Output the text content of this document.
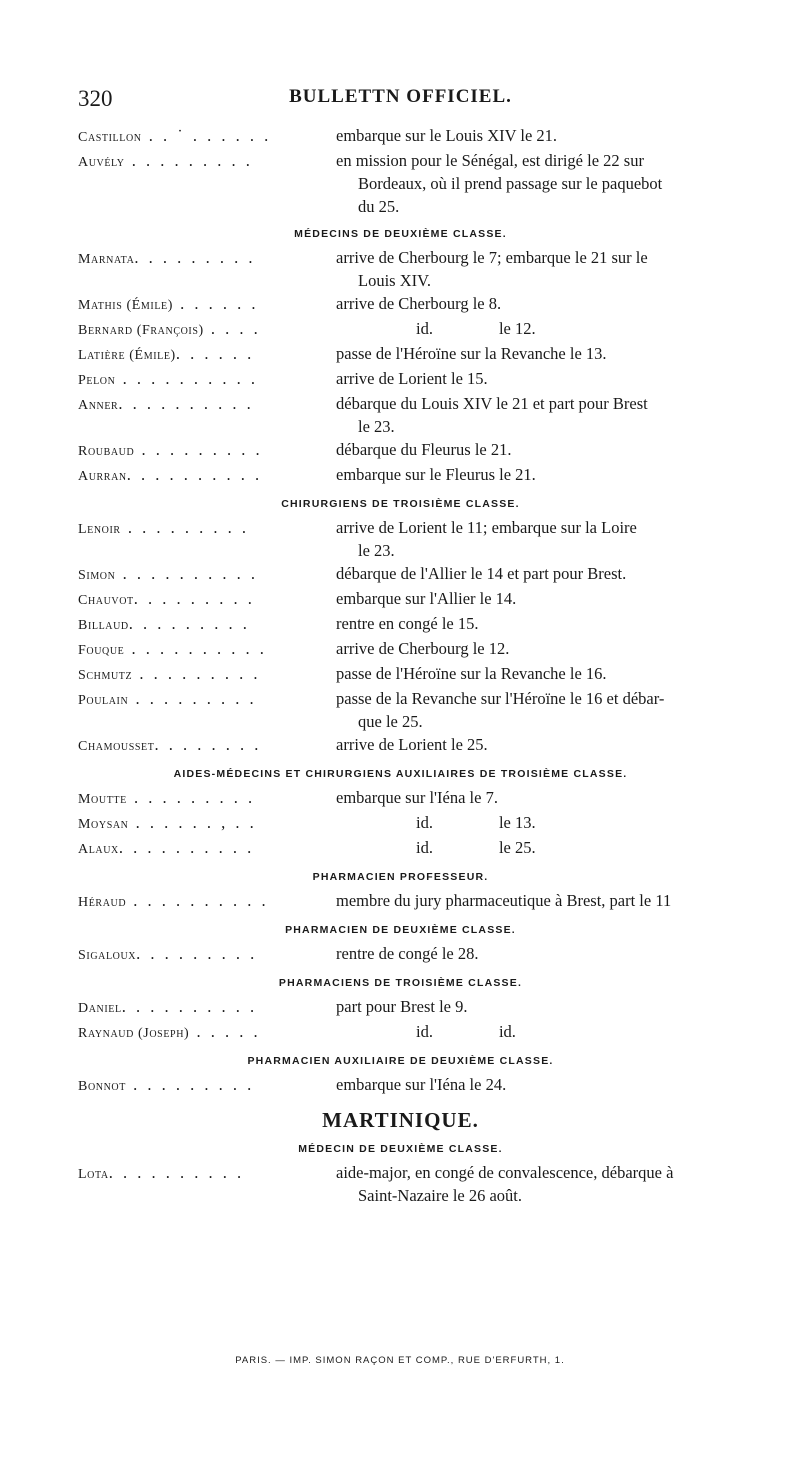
320	BULLETTN OFFICIEL.
Castillon . . ˙ . . . . . .	embarque sur le Louis XIV le 21.
Auvély . . . . . . . . .	en mission pour le Sénégal, est dirigé le 22 sur
Bordeaux, où il prend passage sur le paquebot
du 25.
MÉDECINS DE DEUXIÈME CLASSE.
Marnata. . . . . . . . .	arrive de Cherbourg le 7; embarque le 21 sur le
Louis XIV.
Mathis (Émile) . . . . . .	arrive de Cherbourg le 8.
Bernard (François) . . . .	id.	le 12.
Latière (Émile). . . . . .	passe de l'Héroïne sur la Revanche le 13.
Pelon . . . . . . . . . .	arrive de Lorient le 15.
Anner. . . . . . . . . .	débarque du Louis XIV le 21 et part pour Brest
le 23.
Roubaud . . . . . . . . .	débarque du Fleurus le 21.
Aurran. . . . . . . . . .	embarque sur le Fleurus le 21.
CHIRURGIENS DE TROISIÈME CLASSE.
Lenoir . . . . . . . . .	arrive de Lorient le 11; embarque sur la Loire
le 23.
Simon . . . . . . . . . .	débarque de l'Allier le 14 et part pour Brest.
Chauvot. . . . . . . . .	embarque sur l'Allier le 14.
Billaud. . . . . . . . .	rentre en congé le 15.
Fouque . . . . . . . . . .	arrive de Cherbourg le 12.
Schmutz . . . . . . . . .	passe de l'Héroïne sur la Revanche le 16.
Poulain . . . . . . . . .	passe de la Revanche sur l'Héroïne le 16 et débar-
que le 25.
Chamousset. . . . . . . .	arrive de Lorient le 25.
AIDES-MÉDECINS ET CHIRURGIENS AUXILIAIRES DE TROISIÈME CLASSE.
Moutte . . . . . . . . .	embarque sur l'Iéna le 7.
Moysan . . . . . . , . .	id.	le 13.
Alaux. . . . . . . . . .	id.	le 25.
PHARMACIEN PROFESSEUR.
Héraud . . . . . . . . . .	membre du jury pharmaceutique à Brest, part le 11
PHARMACIEN DE DEUXIÈME CLASSE.
Sigaloux. . . . . . . . .	rentre de congé le 28.
PHARMACIENS DE TROISIÈME CLASSE.
Daniel. . . . . . . . . .	part pour Brest le 9.
Raynaud (Joseph) . . . . .	id.	id.
PHARMACIEN AUXILIAIRE DE DEUXIÈME CLASSE.
Bonnot . . . . . . . . .	embarque sur l'Iéna le 24.
MARTINIQUE.
MÉDECIN DE DEUXIÈME CLASSE.
Lota. . . . . . . . . .	aide-major, en congé de convalescence, débarque à
Saint-Nazaire le 26 août.
PARIS. — IMP. SIMON RAÇON ET COMP., RUE D'ERFURTH, 1.
